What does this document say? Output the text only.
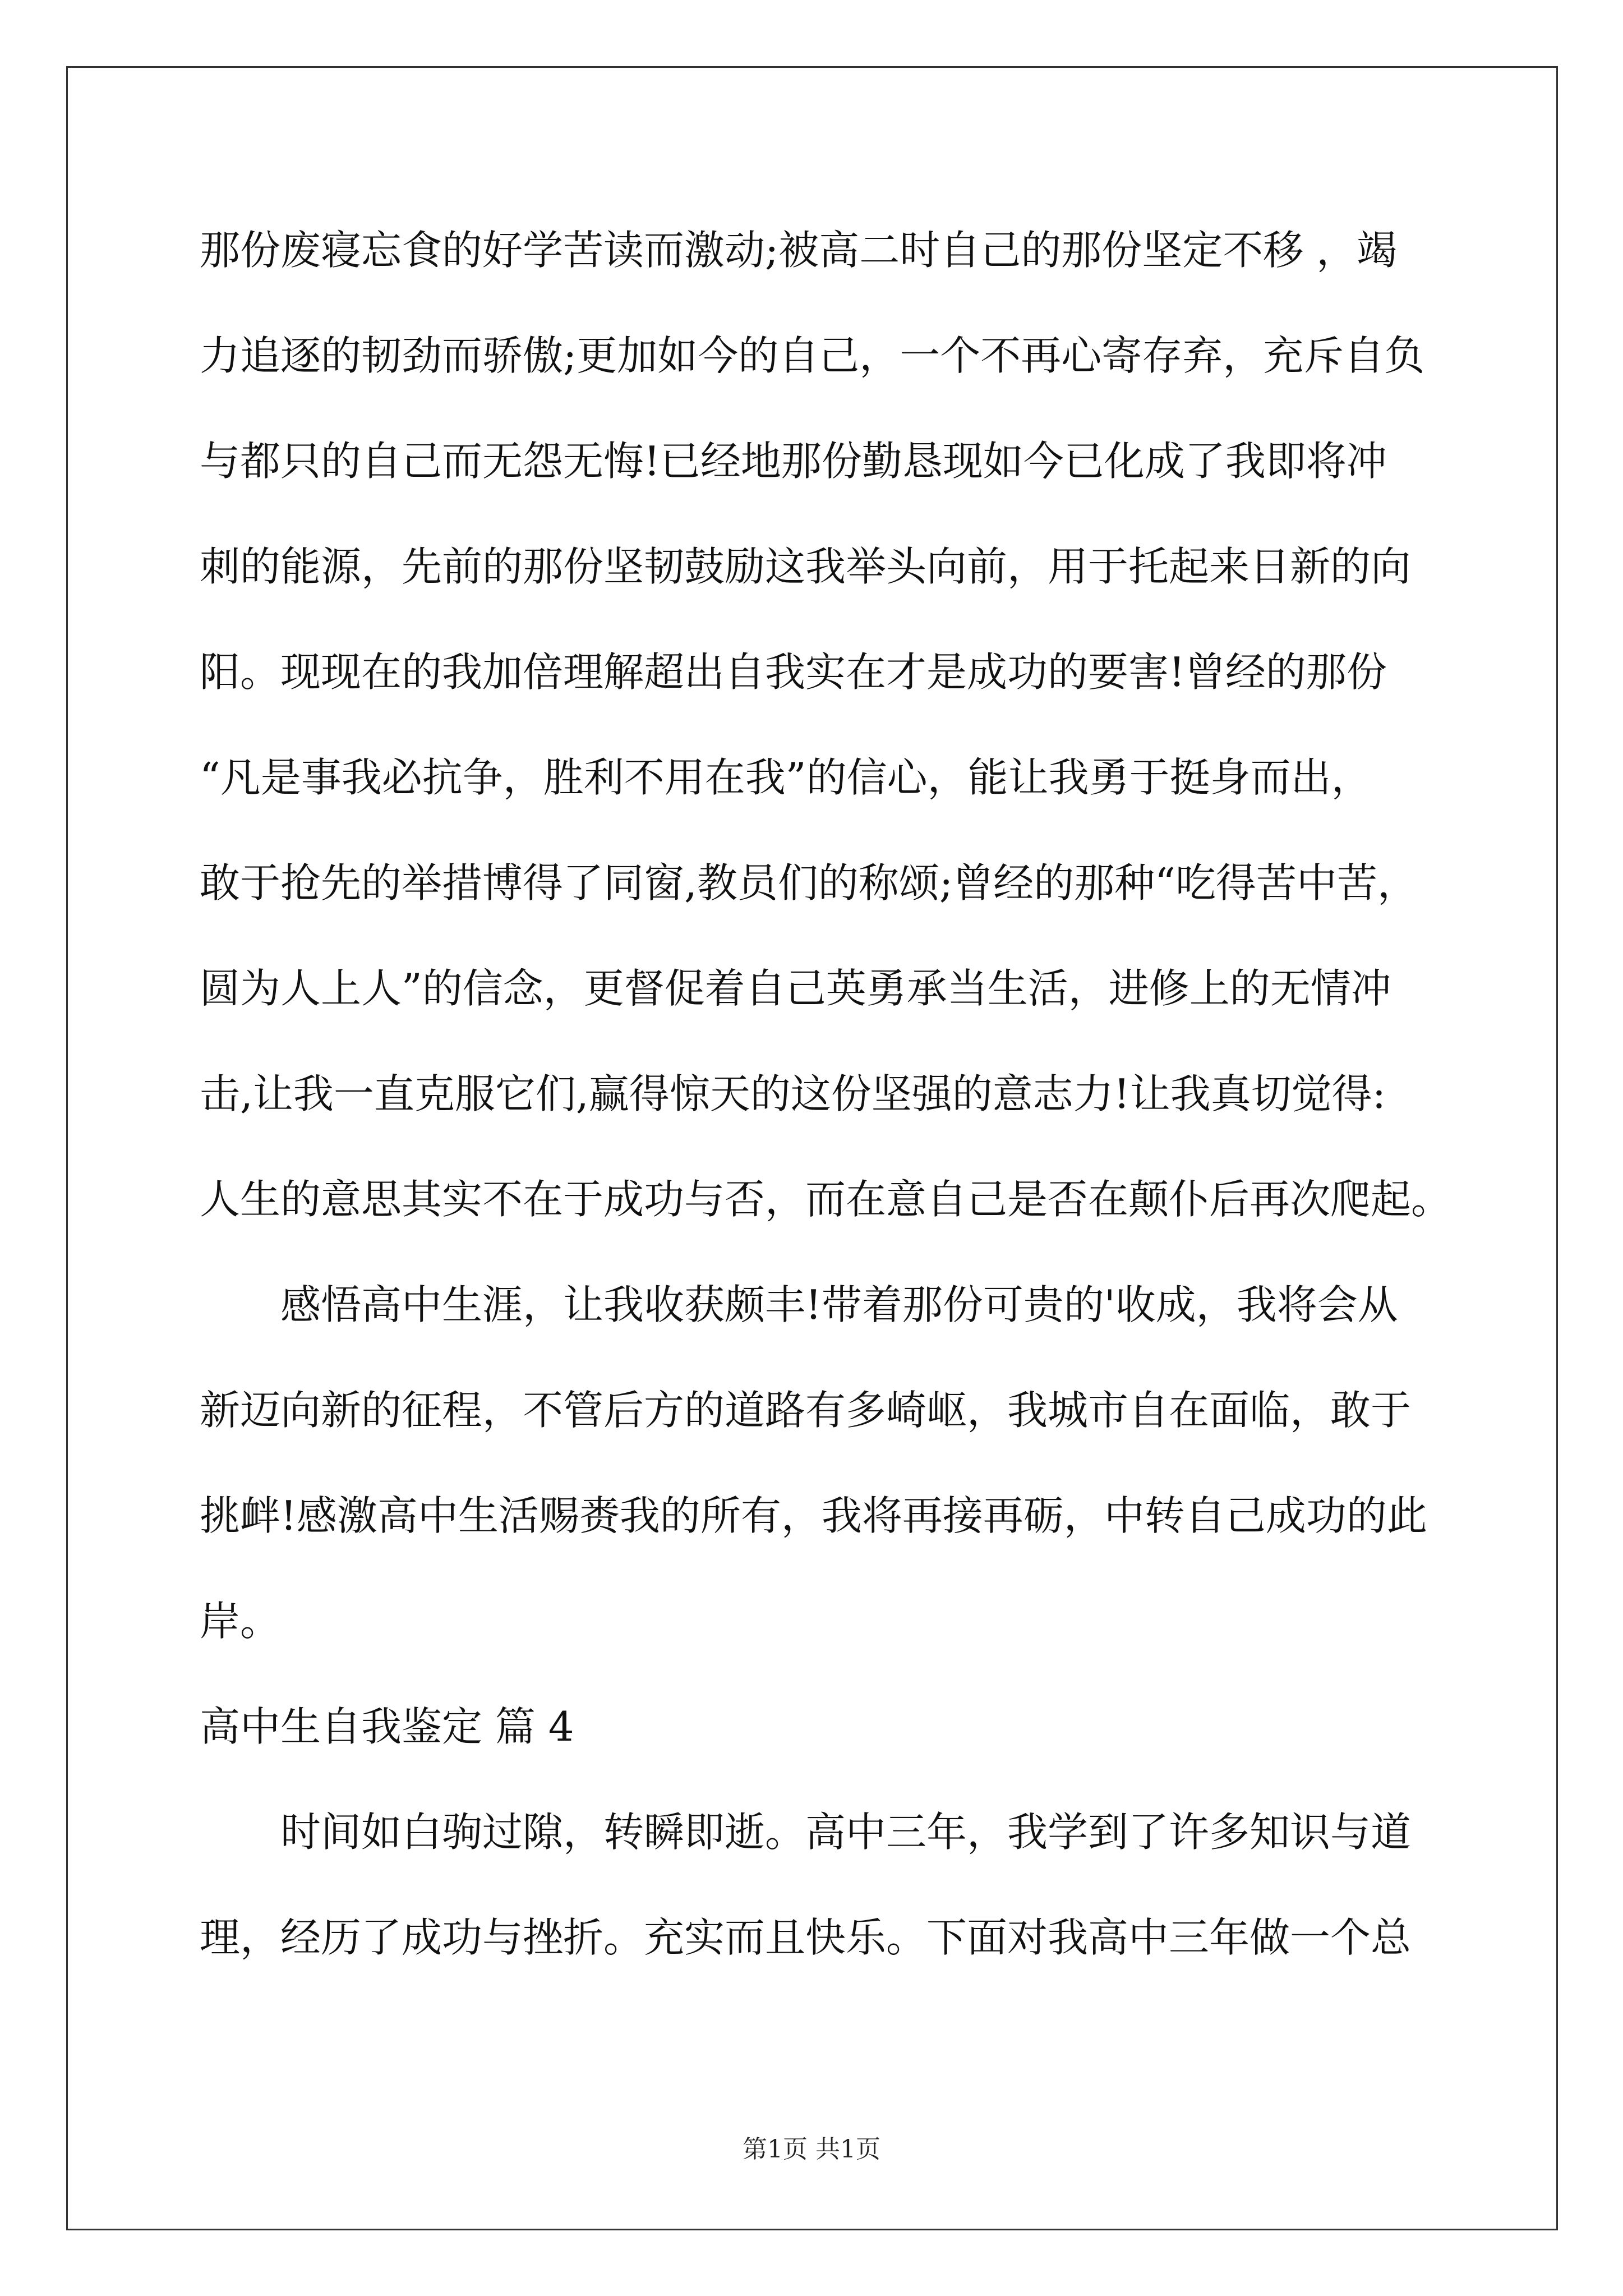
那份废寝忘食的好学苦读而激动;被高二时自己的那份坚定不移 ，竭
力追逐的韧劲而骄傲;更加如今的自己，一个不再心寄存弃，充斥自负
与都只的自己而无怨无悔!已经地那份勤恳现如今已化成了我即将冲
刺的能源，先前的那份坚韧鼓励这我举头向前，用于托起来日新的向
阳。现现在的我加倍理解超出自我实在才是成功的要害!曾经的那份
“凡是事我必抗争，胜利不用在我”的信心，能让我勇于挺身而出，
敢于抢先的举措博得了同窗,教员们的称颂;曾经的那种“吃得苦中苦，
圆为人上人”的信念，更督促着自己英勇承当生活，进修上的无情冲
击,让我一直克服它们,赢得惊天的这份坚强的意志力!让我真切觉得:
人生的意思其实不在于成功与否，而在意自己是否在颠仆后再次爬起。
感悟高中生涯，让我收获颇丰!带着那份可贵的'收成，我将会从
新迈向新的征程，不管后方的道路有多崎岖，我城市自在面临，敢于
挑衅!感激高中生活赐赉我的所有，我将再接再砺，中转自己成功的此
岸。
高中生自我鉴定 篇 4
时间如白驹过隙，转瞬即逝。高中三年，我学到了许多知识与道
理，经历了成功与挫折。充实而且快乐。下面对我高中三年做一个总
第1页 共1页
